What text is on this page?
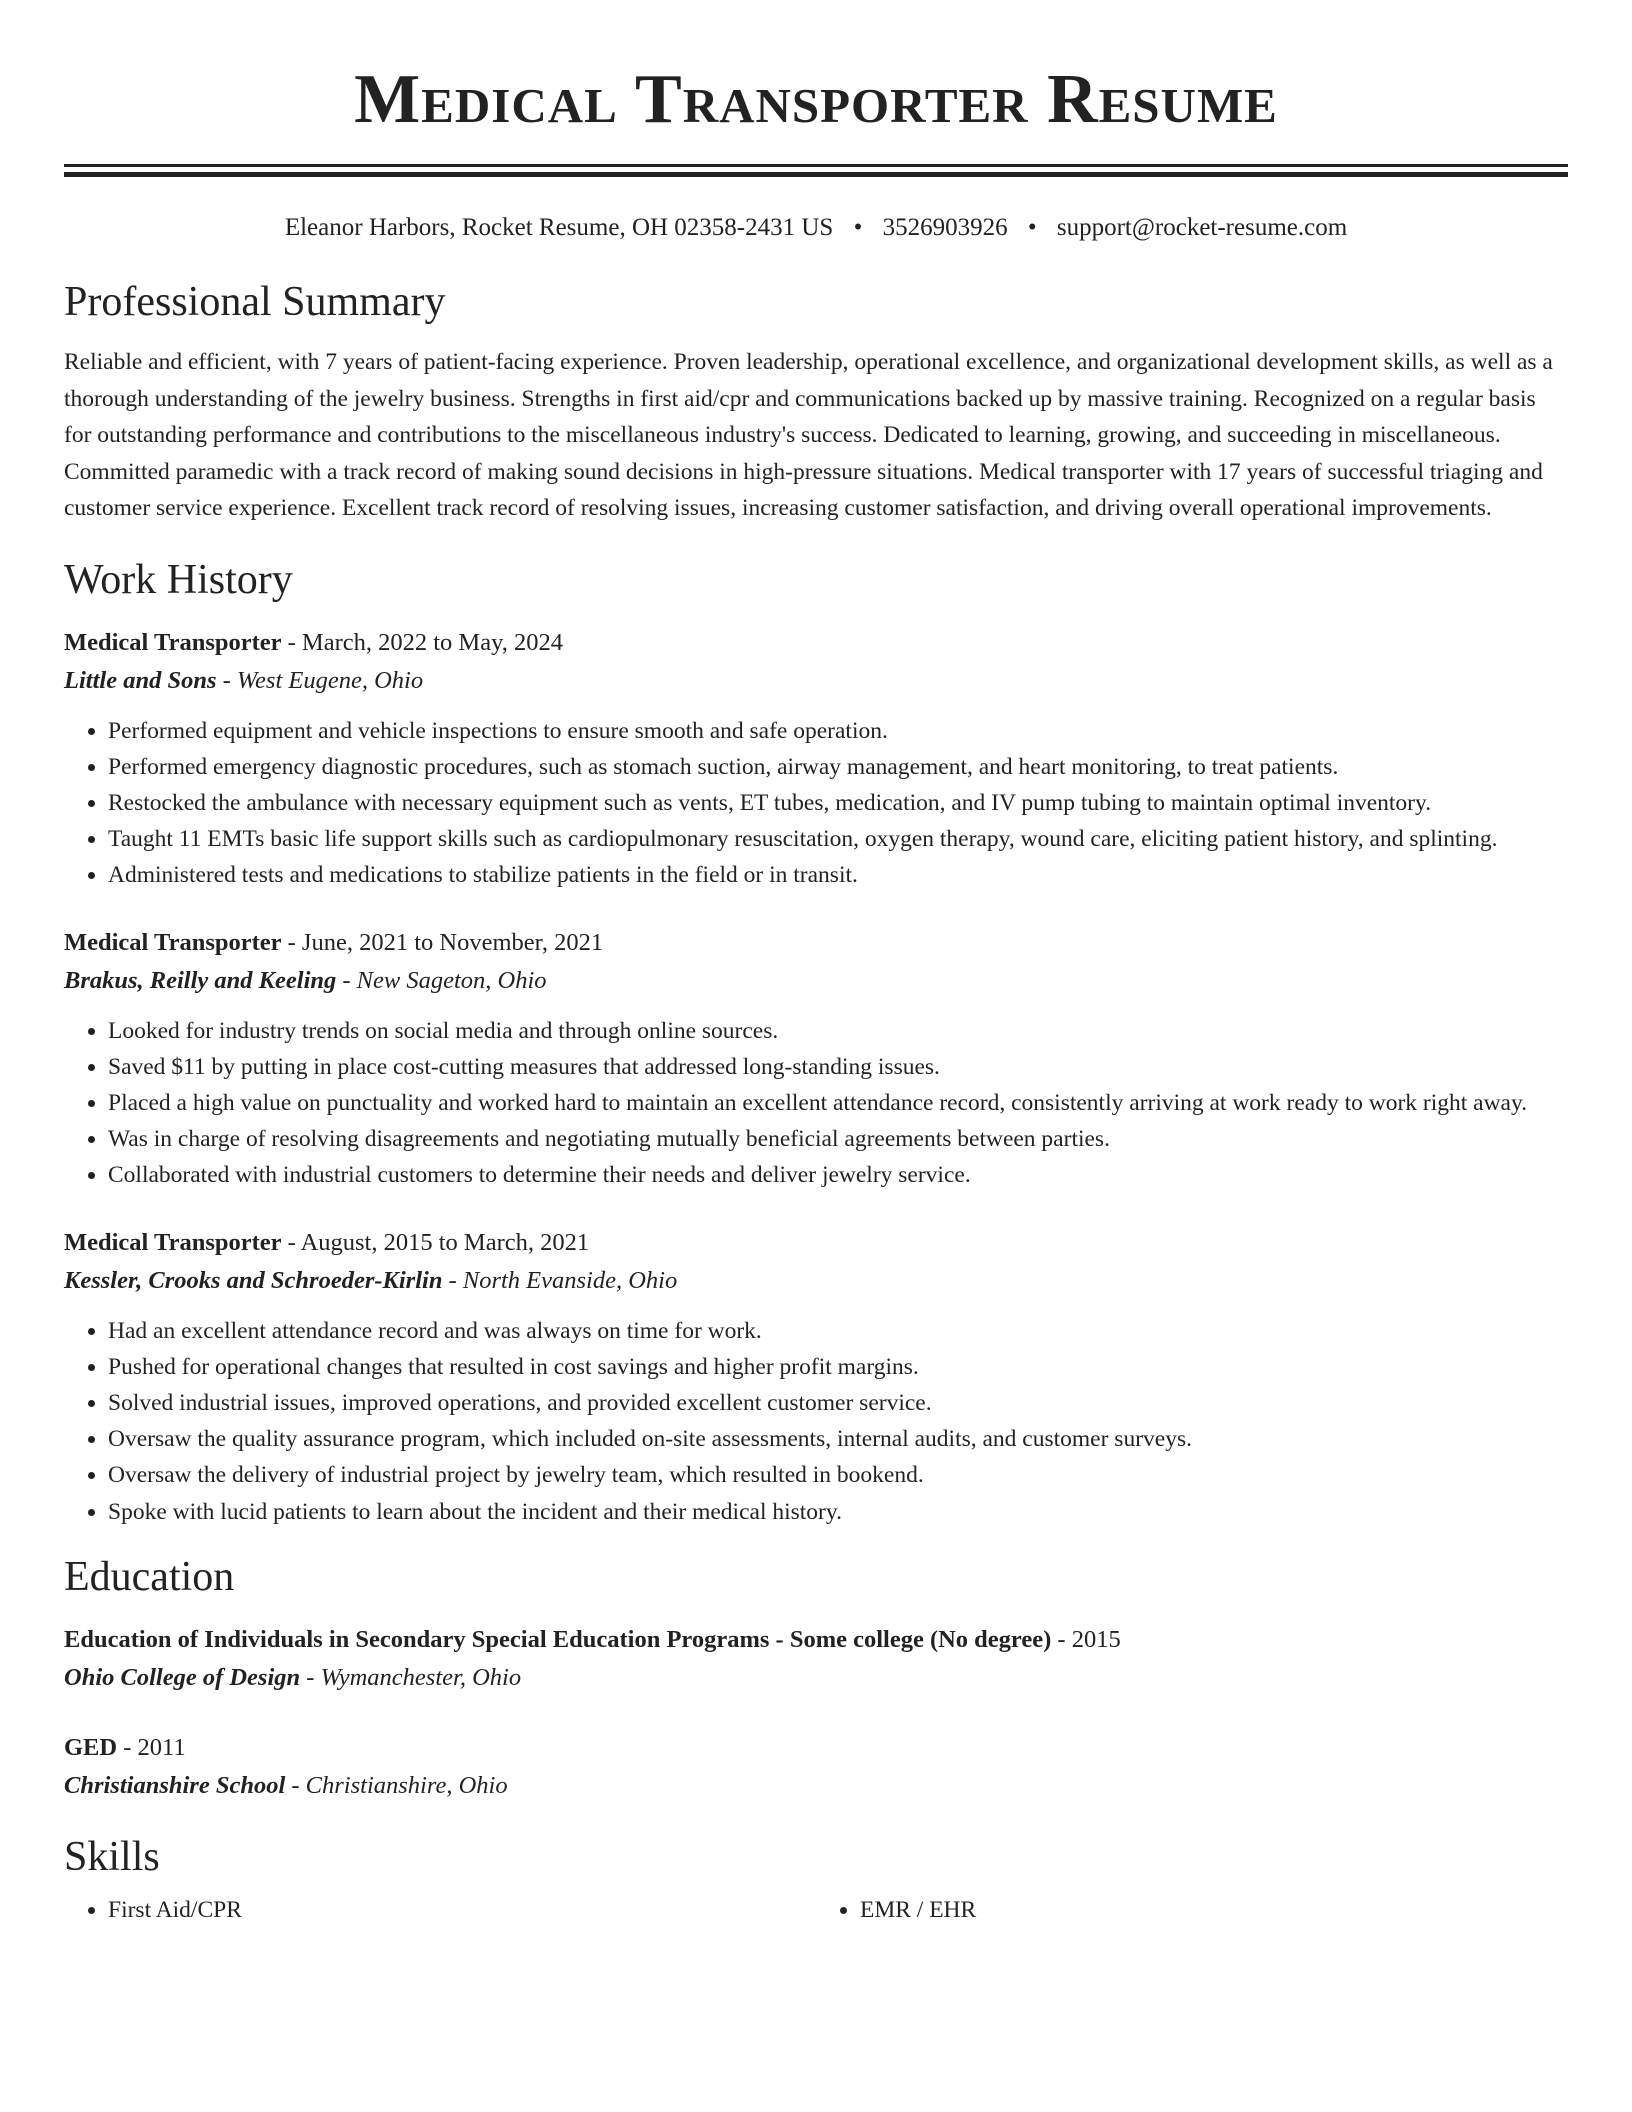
Medical Transporter Resume
Eleanor Harbors, Rocket Resume, OH 02358-2431 US • 3526903926 • support@rocket-resume.com
Professional Summary

Reliable and efficient, with 7 years of patient-facing experience. Proven leadership, operational excellence, and organizational development skills, as well as a thorough understanding of the jewelry business. Strengths in first aid/cpr and communications backed up by massive training. Recognized on a regular basis for outstanding performance and contributions to the miscellaneous industry's success. Dedicated to learning, growing, and succeeding in miscellaneous. Committed paramedic with a track record of making sound decisions in high-pressure situations. Medical transporter with 17 years of successful triaging and customer service experience. Excellent track record of resolving issues, increasing customer satisfaction, and driving overall operational improvements.

Work History
Medical Transporter - March, 2022 to May, 2024
Little and Sons - West Eugene, Ohio
• Performed equipment and vehicle inspections to ensure smooth and safe operation.
• Performed emergency diagnostic procedures, such as stomach suction, airway management, and heart monitoring, to treat patients.
• Restocked the ambulance with necessary equipment such as vents, ET tubes, medication, and IV pump tubing to maintain optimal inventory.
• Taught 11 EMTs basic life support skills such as cardiopulmonary resuscitation, oxygen therapy, wound care, eliciting patient history, and splinting.
• Administered tests and medications to stabilize patients in the field or in transit.
Medical Transporter - June, 2021 to November, 2021
Brakus, Reilly and Keeling - New Sageton, Ohio
• Looked for industry trends on social media and through online sources.
• Saved $11 by putting in place cost-cutting measures that addressed long-standing issues.
• Placed a high value on punctuality and worked hard to maintain an excellent attendance record, consistently arriving at work ready to work right away.
• Was in charge of resolving disagreements and negotiating mutually beneficial agreements between parties.
• Collaborated with industrial customers to determine their needs and deliver jewelry service.
Medical Transporter - August, 2015 to March, 2021
Kessler, Crooks and Schroeder-Kirlin - North Evanside, Ohio
• Had an excellent attendance record and was always on time for work.
• Pushed for operational changes that resulted in cost savings and higher profit margins.
• Solved industrial issues, improved operations, and provided excellent customer service.
• Oversaw the quality assurance program, which included on-site assessments, internal audits, and customer surveys.
• Oversaw the delivery of industrial project by jewelry team, which resulted in bookend.
• Spoke with lucid patients to learn about the incident and their medical history.
Education
Education of Individuals in Secondary Special Education Programs - Some college (No degree) - 2015
Ohio College of Design - Wymanchester, Ohio
GED - 2011
Christianshire School - Christianshire, Ohio
Skills
• First Aid/CPR
•	EMR / EHR
